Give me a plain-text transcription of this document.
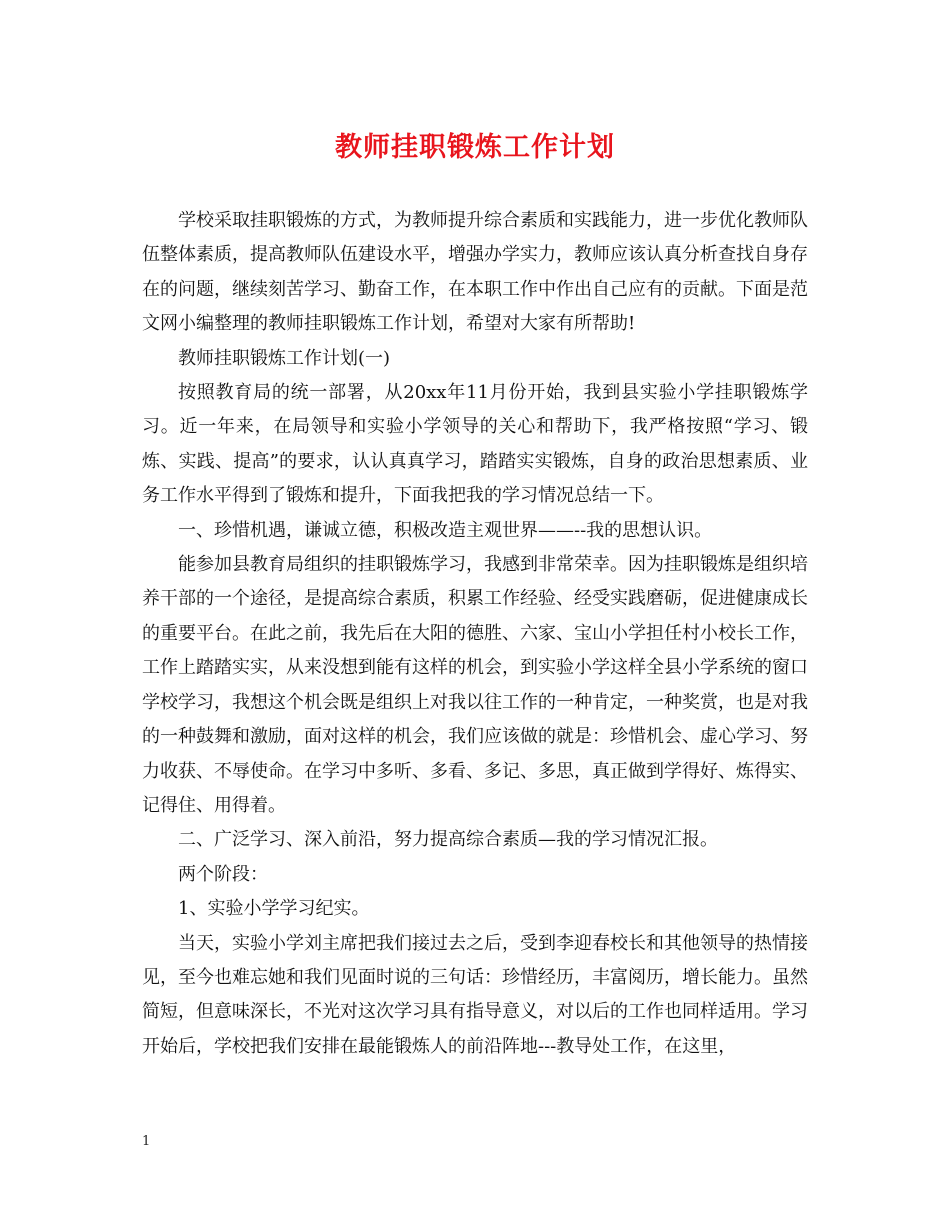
教师挂职锻炼工作计划

学校采取挂职锻炼的方式，为教师提升综合素质和实践能力，进一步优化教师队伍整体素质，提高教师队伍建设水平，增强办学实力，教师应该认真分析查找自身存在的问题，继续刻苦学习、勤奋工作，在本职工作中作出自己应有的贡献。下面是范文网小编整理的教师挂职锻炼工作计划，希望对大家有所帮助!

教师挂职锻炼工作计划(一)

按照教育局的统一部署，从20xx年11月份开始，我到县实验小学挂职锻炼学习。近一年来，在局领导和实验小学领导的关心和帮助下，我严格按照“学习、锻炼、实践、提高”的要求，认认真真学习，踏踏实实锻炼，自身的政治思想素质、业务工作水平得到了锻炼和提升，下面我把我的学习情况总结一下。

一、珍惜机遇，谦诚立德，积极改造主观世界——--我的思想认识。

能参加县教育局组织的挂职锻炼学习，我感到非常荣幸。因为挂职锻炼是组织培养干部的一个途径，是提高综合素质，积累工作经验、经受实践磨砺，促进健康成长的重要平台。在此之前，我先后在大阳的德胜、六家、宝山小学担任村小校长工作，工作上踏踏实实，从来没想到能有这样的机会，到实验小学这样全县小学系统的窗口学校学习，我想这个机会既是组织上对我以往工作的一种肯定，一种奖赏，也是对我的一种鼓舞和激励，面对这样的机会，我们应该做的就是：珍惜机会、虚心学习、努力收获、不辱使命。在学习中多听、多看、多记、多思，真正做到学得好、炼得实、记得住、用得着。

二、广泛学习、深入前沿，努力提高综合素质—我的学习情况汇报。

两个阶段：

1、实验小学学习纪实。

当天，实验小学刘主席把我们接过去之后，受到李迎春校长和其他领导的热情接见，至今也难忘她和我们见面时说的三句话：珍惜经历，丰富阅历，增长能力。虽然简短，但意味深长，不光对这次学习具有指导意义，对以后的工作也同样适用。学习开始后，学校把我们安排在最能锻炼人的前沿阵地---教导处工作，在这里，

1
